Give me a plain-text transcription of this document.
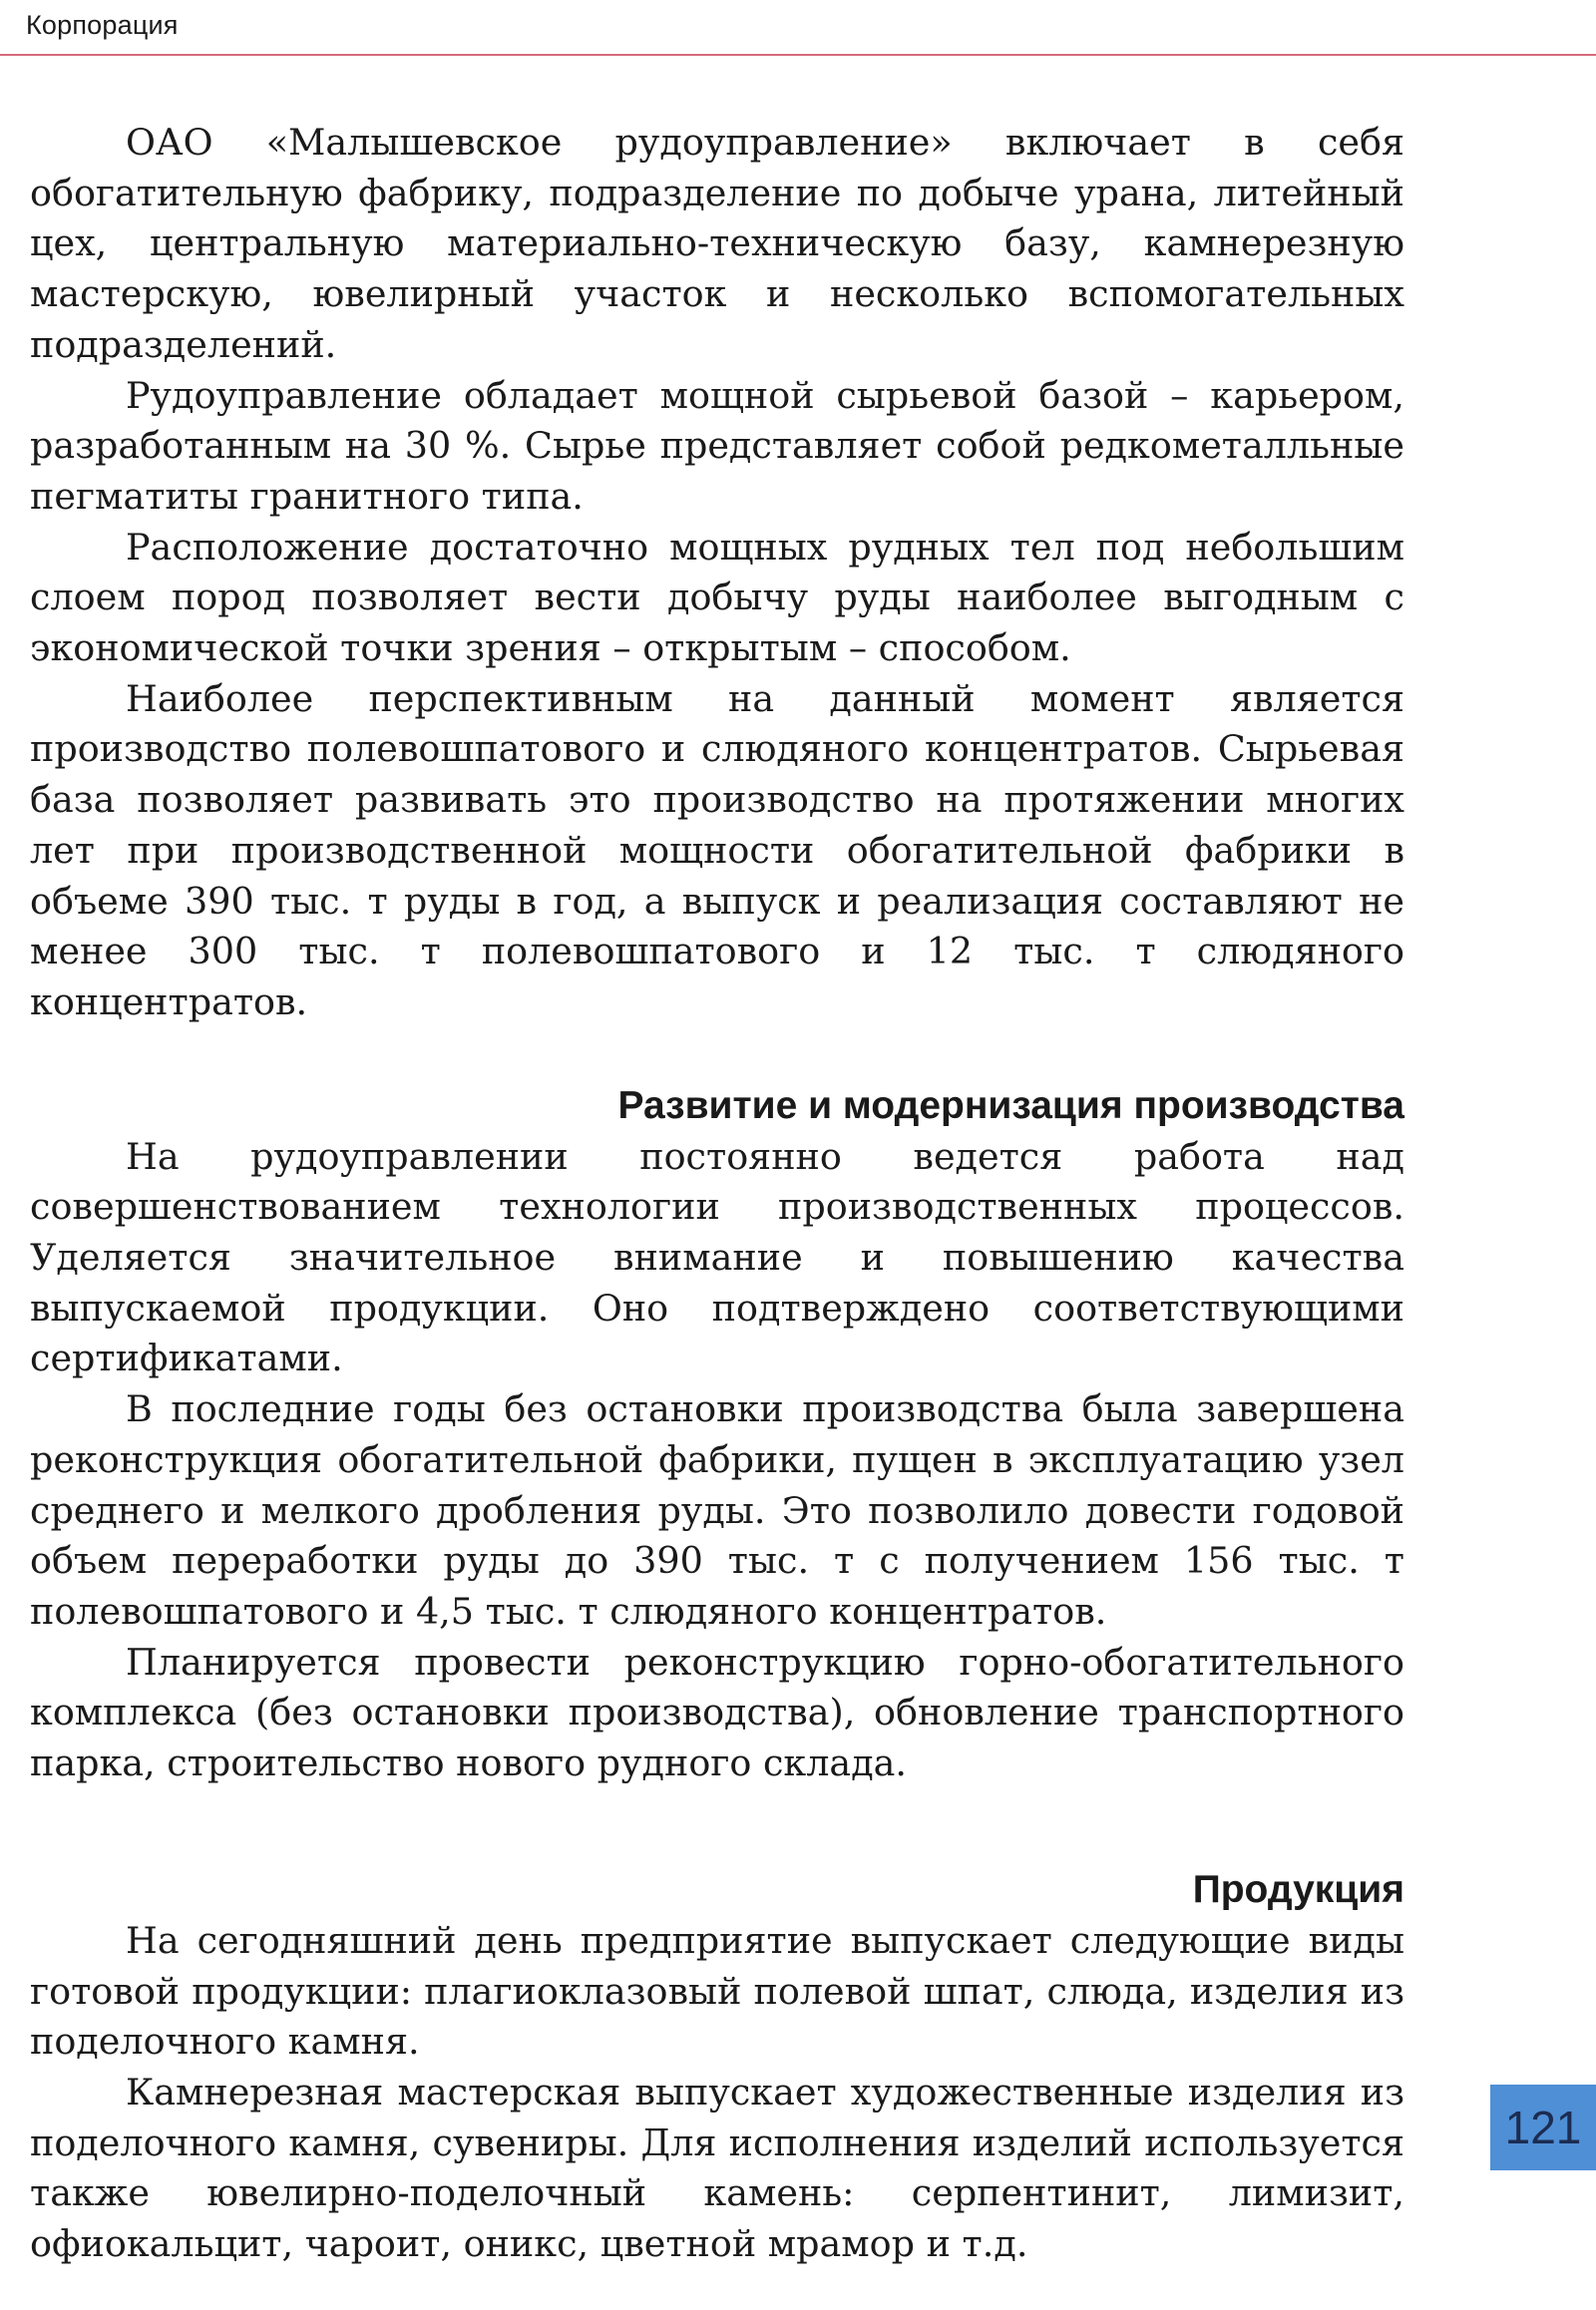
Корпорация

ОАО «Малышевское рудоуправление» включает в себя обогатительную фабрику, подразделение по добыче урана, литейный цех, центральную материально-техническую базу, камнерезную мастерскую, ювелирный участок и несколько вспомогательных подразделений.

Рудоуправление обладает мощной сырьевой базой – карьером, разработанным на 30 %. Сырье представляет собой редкометалльные пегматиты гранитного типа.

Расположение достаточно мощных рудных тел под небольшим слоем пород позволяет вести добычу руды наиболее выгодным с экономической точки зрения – открытым – способом.

Наиболее перспективным на данный момент является производство полевошпатового и слюдяного концентратов. Сырьевая база позволяет развивать это производство на протяжении многих лет при производственной мощности обогатительной фабрики в объеме 390 тыс. т руды в год, а выпуск и реализация составляют не менее 300 тыс. т полевошпатового и 12 тыс. т слюдяного концентратов.

Развитие и модернизация производства

На рудоуправлении постоянно ведется работа над совершенствованием технологии производственных процессов. Уделяется значительное внимание и повышению качества выпускаемой продукции. Оно подтверждено соответствующими сертификатами.

В последние годы без остановки производства была завершена реконструкция обогатительной фабрики, пущен в эксплуатацию узел среднего и мелкого дробления руды. Это позволило довести годовой объем переработки руды до 390 тыс. т с получением 156 тыс. т полевошпатового и 4,5 тыс. т слюдяного концентратов.

Планируется провести реконструкцию горно-обогатительного комплекса (без остановки производства), обновление транспортного парка, строительство нового рудного склада.

Продукция

На сегодняшний день предприятие выпускает следующие виды готовой продукции: плагиоклазовый полевой шпат, слюда, изделия из поделочного камня.

Камнерезная мастерская выпускает художественные изделия из поделочного камня, сувениры. Для исполнения изделий используется также ювелирно-поделочный камень: серпентинит, лимизит, офиокальцит, чароит, оникс, цветной мрамор и т.д.

121
